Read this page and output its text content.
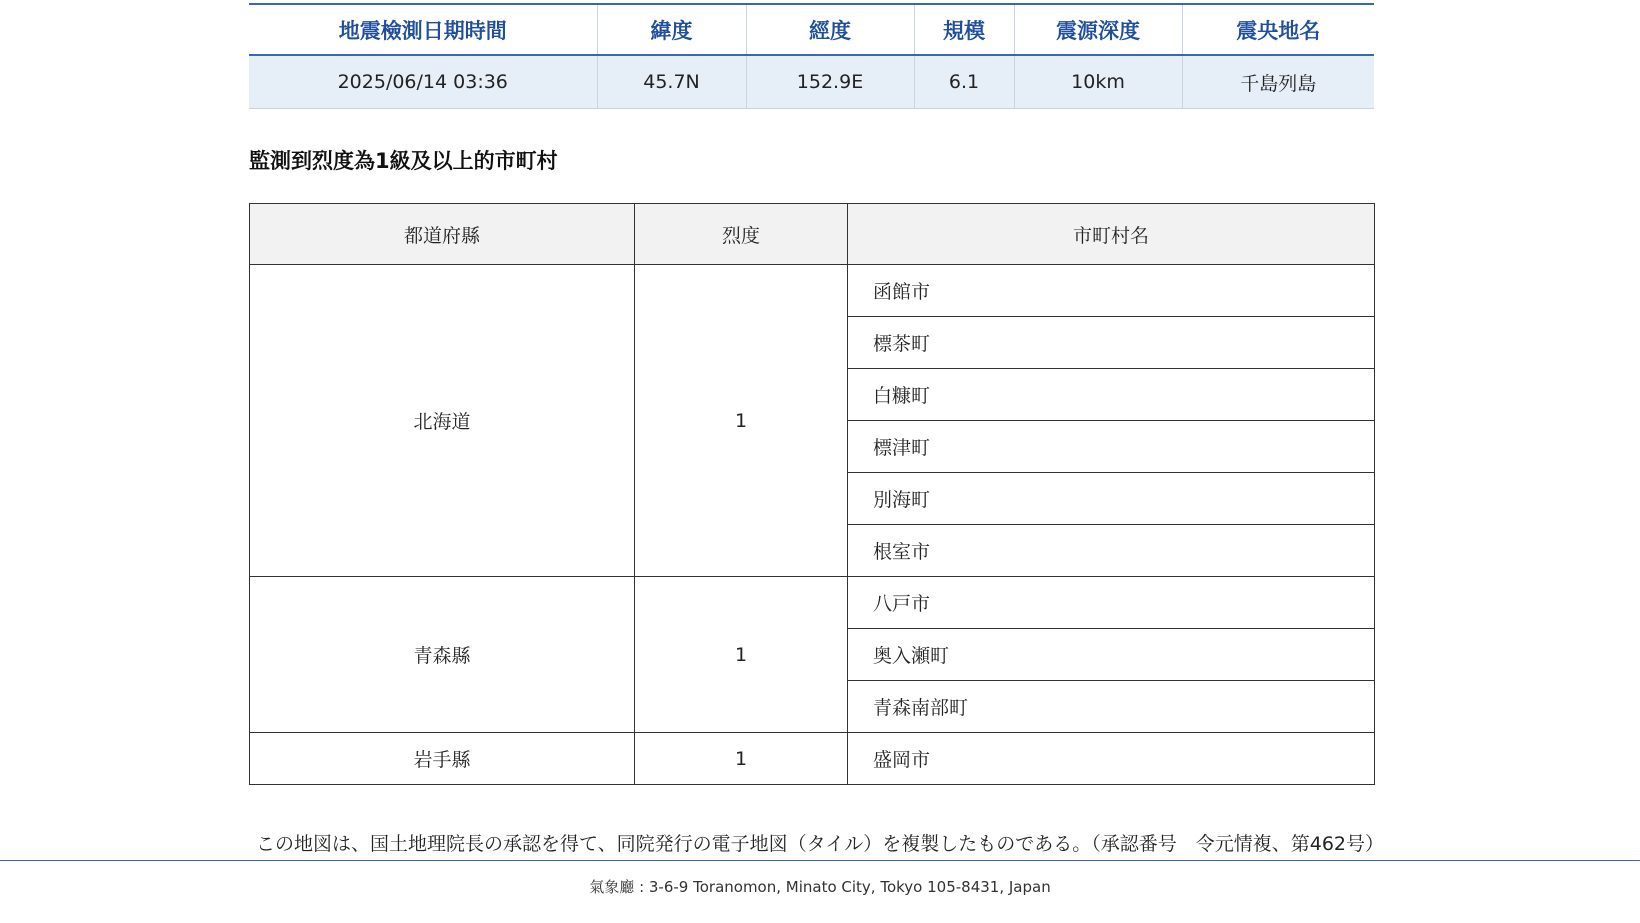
地震檢測日期時間	緯度	經度	規模	震源深度	震央地名
2025/06/14 03:36	45.7N	152.9E	6.1	10km	千島列島
監測到烈度為1級及以上的市町村
都道府縣	烈度	市町村名
北海道	1	函館市
		標茶町
		白糠町
		標津町
		別海町
		根室市
青森縣	1	八戸市
		奥入瀬町
		青森南部町
岩手縣	1	盛岡市
この地図は、国土地理院長の承認を得て、同院発行の電子地図（タイル）を複製したものである。（承認番号　令元情複、第462号）
氣象廳 : 3-6-9 Toranomon, Minato City, Tokyo 105-8431, Japan
